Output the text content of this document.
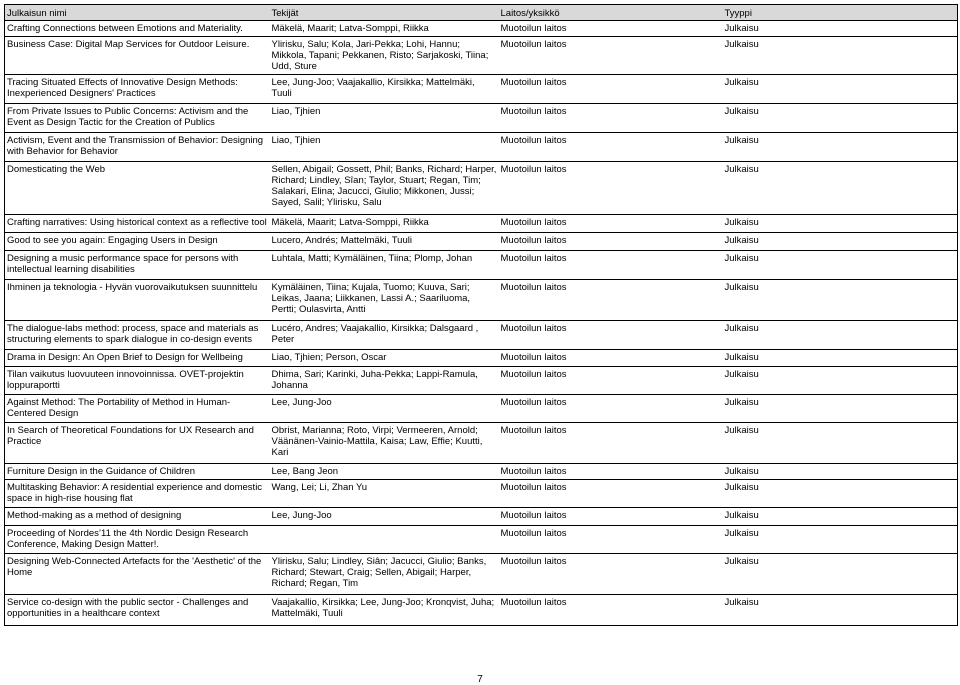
Julkaisun nimi	Tekijät	Laitos/yksikkö	Tyyppi
Crafting Connections between Emotions and Materiality.	Mäkelä, Maarit; Latva-Somppi, Riikka	Muotoilun laitos	Julkaisu
Business Case: Digital Map Services for Outdoor Leisure.	Ylirisku, Salu; Kola, Jari-Pekka; Lohi, Hannu; Mikkola, Tapani; Pekkanen, Risto; Sarjakoski, Tiina; Udd, Sture	Muotoilun laitos	Julkaisu
Tracing Situated Effects of Innovative Design Methods: Inexperienced Designers' Practices	Lee, Jung-Joo; Vaajakallio, Kirsikka; Mattelmäki, Tuuli	Muotoilun laitos	Julkaisu
From Private Issues to Public Concerns: Activism and the Event as Design Tactic for the Creation of Publics	Liao, Tjhien	Muotoilun laitos	Julkaisu
Activism, Event and the Transmission of Behavior: Designing with Behavior for Behavior	Liao, Tjhien	Muotoilun laitos	Julkaisu
Domesticating the Web	Sellen, Abigail; Gossett, Phil; Banks, Richard; Harper, Richard; Lindley, Sîan; Taylor, Stuart; Regan, Tim; Salakari, Elina; Jacucci, Giulio; Mikkonen, Jussi; Sayed, Salil; Ylirisku, Salu	Muotoilun laitos	Julkaisu
Crafting narratives: Using historical context as a reflective tool	Mäkelä, Maarit; Latva-Somppi, Riikka	Muotoilun laitos	Julkaisu
Good to see you again: Engaging Users in Design	Lucero, Andrés; Mattelmäki, Tuuli	Muotoilun laitos	Julkaisu
Designing a music performance space for persons with intellectual learning disabilities	Luhtala, Matti; Kymäläinen, Tiina; Plomp, Johan	Muotoilun laitos	Julkaisu
Ihminen ja teknologia - Hyvän vuorovaikutuksen suunnittelu	Kymäläinen, Tiina; Kujala, Tuomo; Kuuva, Sari; Leikas, Jaana; Liikkanen, Lassi A.; Saariluoma, Pertti; Oulasvirta, Antti	Muotoilun laitos	Julkaisu
The dialogue-labs method: process, space and materials as structuring elements to spark dialogue in co-design events	Lucéro, Andres; Vaajakallio, Kirsikka; Dalsgaard , Peter	Muotoilun laitos	Julkaisu
Drama in Design: An Open Brief to Design for Wellbeing	Liao, Tjhien; Person, Oscar	Muotoilun laitos	Julkaisu
Tilan vaikutus luovuuteen innovoinnissa. OVET-projektin loppuraportti	Dhima, Sari; Karinki, Juha-Pekka; Lappi-Ramula, Johanna	Muotoilun laitos	Julkaisu
Against Method: The Portability of Method in Human-Centered Design	Lee, Jung-Joo	Muotoilun laitos	Julkaisu
In Search of Theoretical Foundations for UX Research and Practice	Obrist, Marianna; Roto, Virpi; Vermeeren, Arnold; Väänänen-Vainio-Mattila, Kaisa; Law, Effie; Kuutti, Kari	Muotoilun laitos	Julkaisu
Furniture Design in the Guidance of Children	Lee, Bang Jeon	Muotoilun laitos	Julkaisu
Multitasking Behavior: A residential experience and domestic space in high-rise housing flat	Wang, Lei; Li, Zhan Yu	Muotoilun laitos	Julkaisu
Method-making as a method of designing	Lee, Jung-Joo	Muotoilun laitos	Julkaisu
Proceeding of Nordes’11 the 4th Nordic Design Research Conference, Making Design Matter!.		Muotoilun laitos	Julkaisu
Designing Web-Connected Artefacts for the 'Aesthetic' of the Home	Ylirisku, Salu; Lindley, Siân; Jacucci, Giulio; Banks, Richard; Stewart, Craig; Sellen, Abigail; Harper, Richard; Regan, Tim	Muotoilun laitos	Julkaisu
Service co-design with the public sector - Challenges and opportunities in a healthcare context	Vaajakallio, Kirsikka; Lee, Jung-Joo; Kronqvist, Juha; Mattelmäki, Tuuli	Muotoilun laitos	Julkaisu
7
